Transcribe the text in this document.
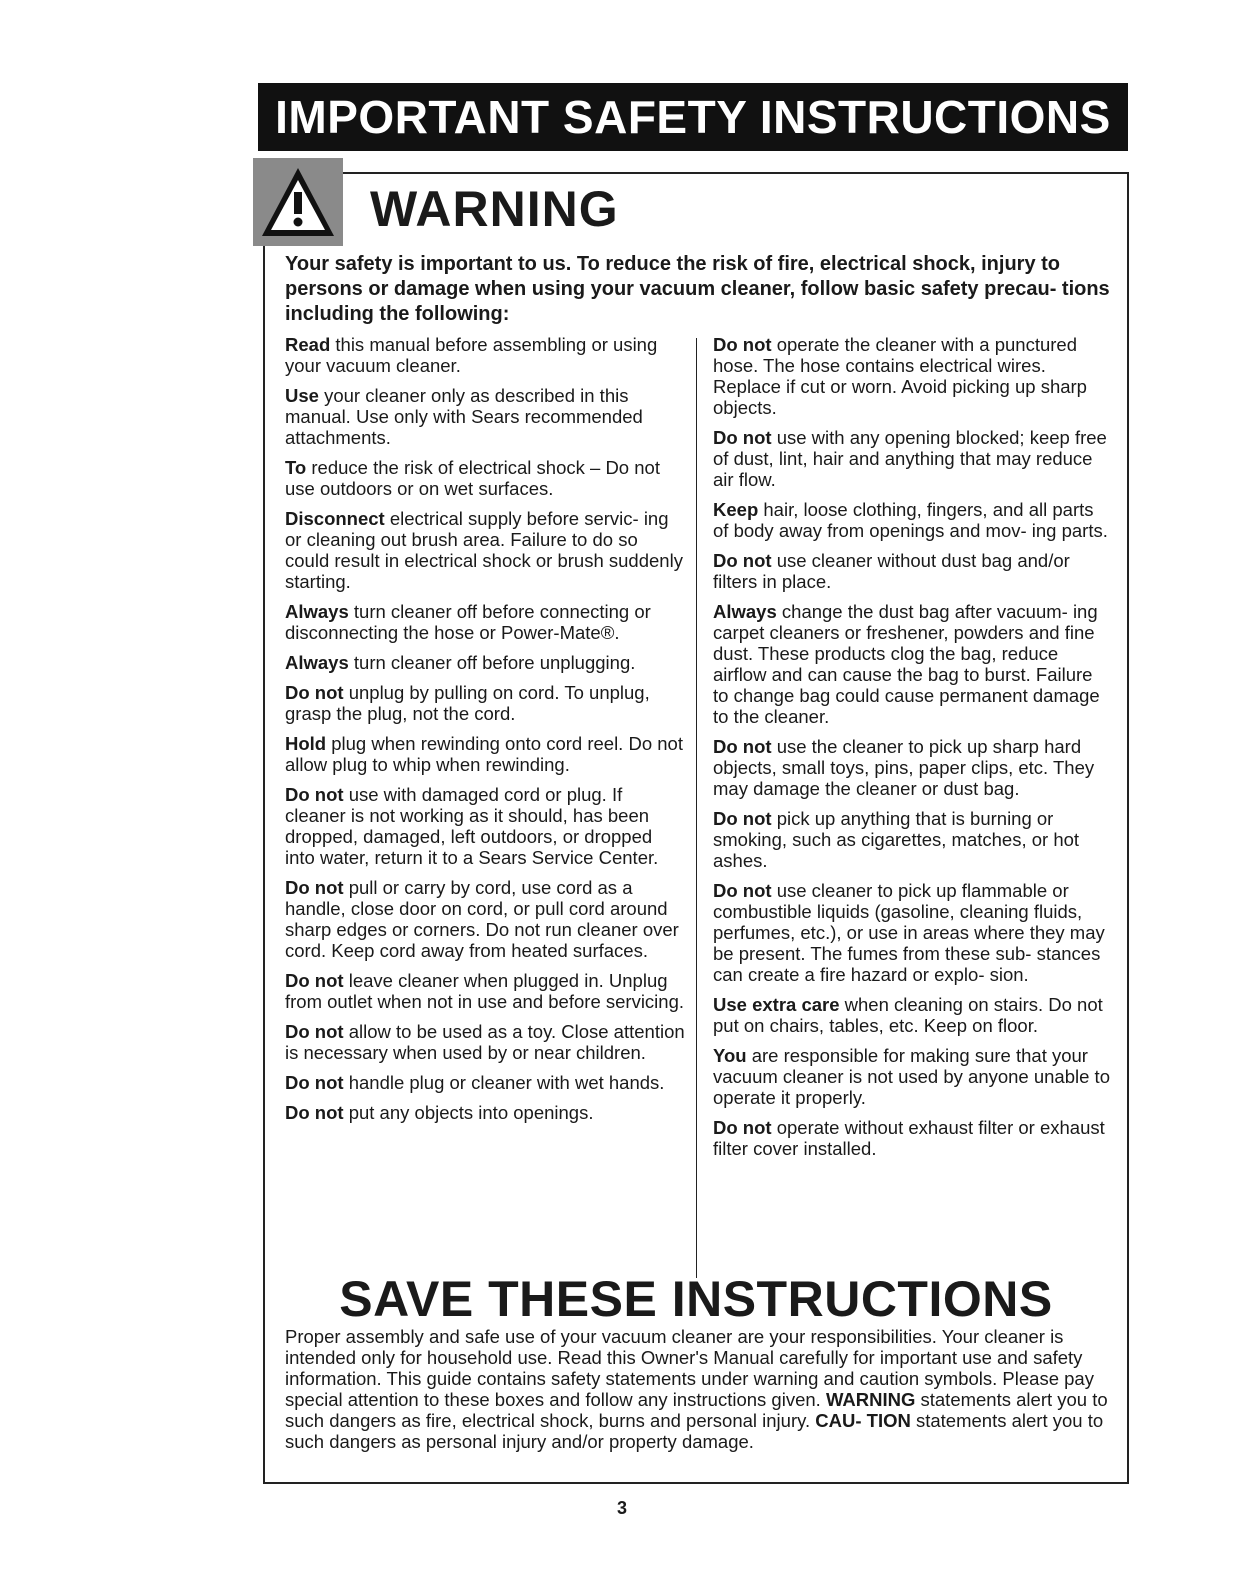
IMPORTANT SAFETY INSTRUCTIONS
WARNING
Your safety is important to us. To reduce the risk of fire, electrical shock, injury to persons or damage when using your vacuum cleaner, follow basic safety precau- tions including the following:

Read this manual before assembling or using your vacuum cleaner.

Use your cleaner only as described in this manual. Use only with Sears recommended attachments.

To reduce the risk of electrical shock – Do not use outdoors or on wet surfaces.

Disconnect electrical supply before servic- ing or cleaning out brush area. Failure to do so could result in electrical shock or brush suddenly starting.

Always turn cleaner off before connecting or disconnecting the hose or Power-Mate®.

Always turn cleaner off before unplugging.

Do not unplug by pulling on cord. To unplug, grasp the plug, not the cord.

Hold plug when rewinding onto cord reel. Do not allow plug to whip when rewinding.

Do not use with damaged cord or plug. If cleaner is not working as it should, has been dropped, damaged, left outdoors, or dropped into water, return it to a Sears Service Center.

Do not pull or carry by cord, use cord as a handle, close door on cord, or pull cord around sharp edges or corners. Do not run cleaner over cord. Keep cord away from heated surfaces.

Do not leave cleaner when plugged in. Unplug from outlet when not in use and before servicing.

Do not allow to be used as a toy. Close attention is necessary when used by or near children.

Do not handle plug or cleaner with wet hands.

Do not put any objects into openings.

Do not operate the cleaner with a punctured hose. The hose contains electrical wires. Replace if cut or worn. Avoid picking up sharp objects.

Do not use with any opening blocked; keep free of dust, lint, hair and anything that may reduce air flow.

Keep hair, loose clothing, fingers, and all parts of body away from openings and mov- ing parts.

Do not use cleaner without dust bag and/or filters in place.

Always change the dust bag after vacuum- ing carpet cleaners or freshener, powders and fine dust. These products clog the bag, reduce airflow and can cause the bag to burst. Failure to change bag could cause permanent damage to the cleaner.

Do not use the cleaner to pick up sharp hard objects, small toys, pins, paper clips, etc. They may damage the cleaner or dust bag.

Do not pick up anything that is burning or smoking, such as cigarettes, matches, or hot ashes.

Do not use cleaner to pick up flammable or combustible liquids (gasoline, cleaning fluids, perfumes, etc.), or use in areas where they may be present. The fumes from these sub- stances can create a fire hazard or explo- sion.

Use extra care when cleaning on stairs. Do not put on chairs, tables, etc. Keep on floor.

You are responsible for making sure that your vacuum cleaner is not used by anyone unable to operate it properly.

Do not operate without exhaust filter or exhaust filter cover installed.

SAVE THESE INSTRUCTIONS
Proper assembly and safe use of your vacuum cleaner are your responsibilities. Your cleaner is intended only for household use. Read this Owner's Manual carefully for important use and safety information. This guide contains safety statements under warning and caution symbols. Please pay special attention to these boxes and follow any instructions given. WARNING statements alert you to such dangers as fire, electrical shock, burns and personal injury. CAU- TION statements alert you to such dangers as personal injury and/or property damage.
3
